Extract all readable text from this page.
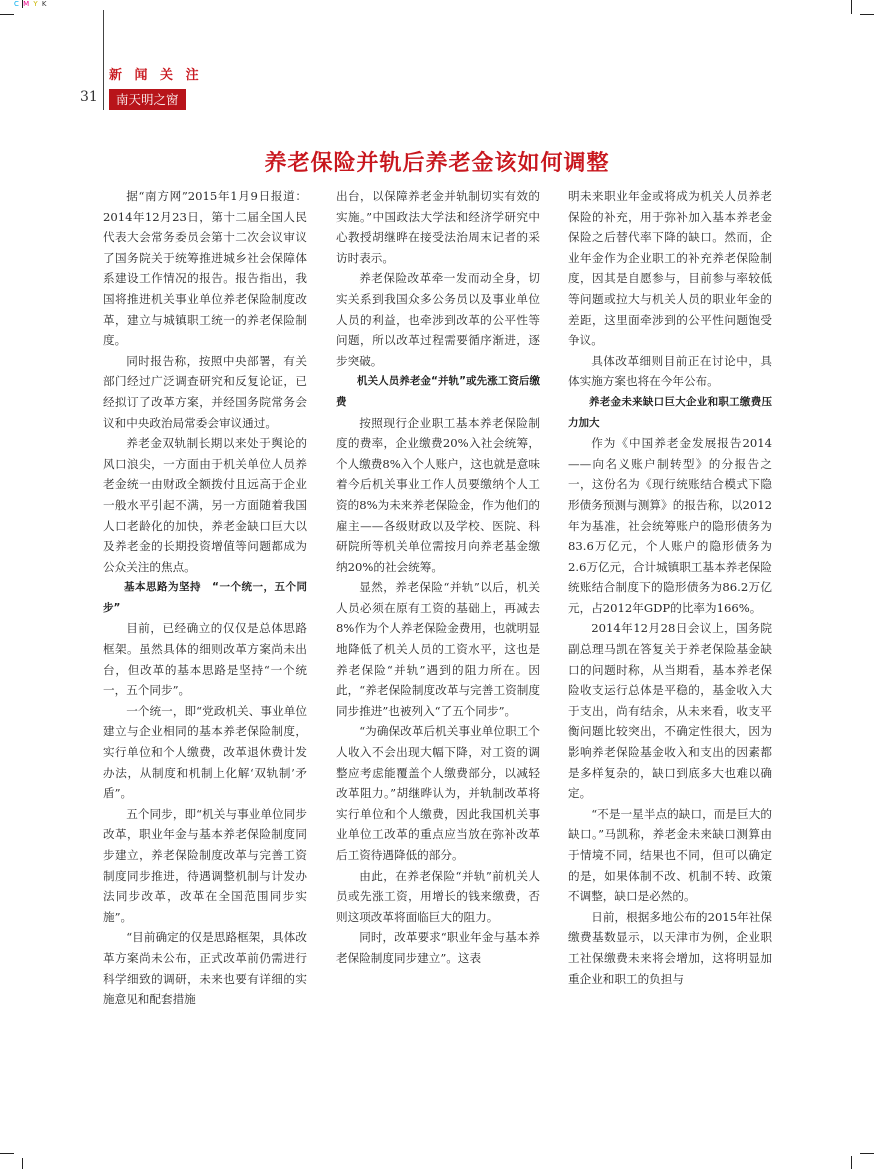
C M Y K
新 闻 关 注
31	南天明之窗
养老保险并轨后养老金该如何调整

据“南方网”2015年1月9日报道：2014年12月23日，第十二届全国人民代表大会常务委员会第十二次会议审议了国务院关于统筹推进城乡社会保障体系建设工作情况的报告。报告指出，我国将推进机关事业单位养老保险制度改革，建立与城镇职工统一的养老保险制度。

同时报告称，按照中央部署，有关部门经过广泛调查研究和反复论证，已经拟订了改革方案，并经国务院常务会议和中央政治局常委会审议通过。

养老金双轨制长期以来处于舆论的风口浪尖，一方面由于机关单位人员养老金统一由财政全额拨付且远高于企业一般水平引起不满，另一方面随着我国人口老龄化的加快，养老金缺口巨大以及养老金的长期投资增值等问题都成为公众关注的焦点。

基本思路为坚持　“一个统一，五个同步”

目前，已经确立的仅仅是总体思路框架。虽然具体的细则改革方案尚未出台，但改革的基本思路是坚持“一个统一，五个同步”。

一个统一，即“党政机关、事业单位建立与企业相同的基本养老保险制度，实行单位和个人缴费，改革退休费计发办法，从制度和机制上化解‘双轨制’矛盾”。

五个同步，即“机关与事业单位同步改革，职业年金与基本养老保险制度同步建立，养老保险制度改革与完善工资制度同步推进，待遇调整机制与计发办法同步改革，改革在全国范围同步实施”。

“目前确定的仅是思路框架，具体改革方案尚未公布，正式改革前仍需进行科学细致的调研，未来也要有详细的实施意见和配套措施

出台，以保障养老金并轨制切实有效的实施。”中国政法大学法和经济学研究中心教授胡继晔在接受法治周末记者的采访时表示。

养老保险改革牵一发而动全身，切实关系到我国众多公务员以及事业单位人员的利益，也牵涉到改革的公平性等问题，所以改革过程需要循序渐进，逐步突破。

机关人员养老金“并轨”或先涨工资后缴费

按照现行企业职工基本养老保险制度的费率，企业缴费20%入社会统筹，个人缴费8%入个人账户，这也就是意味着今后机关事业工作人员要缴纳个人工资的8%为未来养老保险金，作为他们的雇主——各级财政以及学校、医院、科研院所等机关单位需按月向养老基金缴纳20%的社会统筹。

显然，养老保险“并轨”以后，机关人员必须在原有工资的基础上，再减去8%作为个人养老保险金费用，也就明显地降低了机关人员的工资水平，这也是养老保险“并轨”遇到的阻力所在。因此，“养老保险制度改革与完善工资制度同步推进”也被列入“了五个同步”。

“为确保改革后机关事业单位职工个人收入不会出现大幅下降，对工资的调整应考虑能覆盖个人缴费部分，以减轻改革阻力。”胡继晔认为，并轨制改革将实行单位和个人缴费，因此我国机关事业单位工改革的重点应当放在弥补改革后工资待遇降低的部分。

由此，在养老保险“并轨”前机关人员或先涨工资，用增长的钱来缴费，否则这项改革将面临巨大的阻力。

同时，改革要求“职业年金与基本养老保险制度同步建立”。这表

明未来职业年金或将成为机关人员养老保险的补充，用于弥补加入基本养老金保险之后替代率下降的缺口。然而，企业年金作为企业职工的补充养老保险制度，因其是自愿参与，目前参与率较低等问题或拉大与机关人员的职业年金的差距，这里面牵涉到的公平性问题饱受争议。

具体改革细则目前正在讨论中，具体实施方案也将在今年公布。

养老金未来缺口巨大企业和职工缴费压力加大

作为《中国养老金发展报告2014——向名义账户制转型》的分报告之一，这份名为《现行统账结合模式下隐形债务预测与测算》的报告称，以2012年为基准，社会统筹账户的隐形债务为83.6万亿元，个人账户的隐形债务为2.6万亿元，合计城镇职工基本养老保险统账结合制度下的隐形债务为86.2万亿元，占2012年GDP的比率为166%。

2014年12月28日会议上，国务院副总理马凯在答复关于养老保险基金缺口的问题时称，从当期看，基本养老保险收支运行总体是平稳的，基金收入大于支出，尚有结余，从未来看，收支平衡问题比较突出，不确定性很大，因为影响养老保险基金收入和支出的因素都是多样复杂的，缺口到底多大也难以确定。

“不是一星半点的缺口，而是巨大的缺口。”马凯称，养老金未来缺口测算由于情境不同，结果也不同，但可以确定的是，如果体制不改、机制不转、政策不调整，缺口是必然的。

日前，根据多地公布的2015年社保缴费基数显示，以天津市为例，企业职工社保缴费未来将会增加，这将明显加重企业和职工的负担与
